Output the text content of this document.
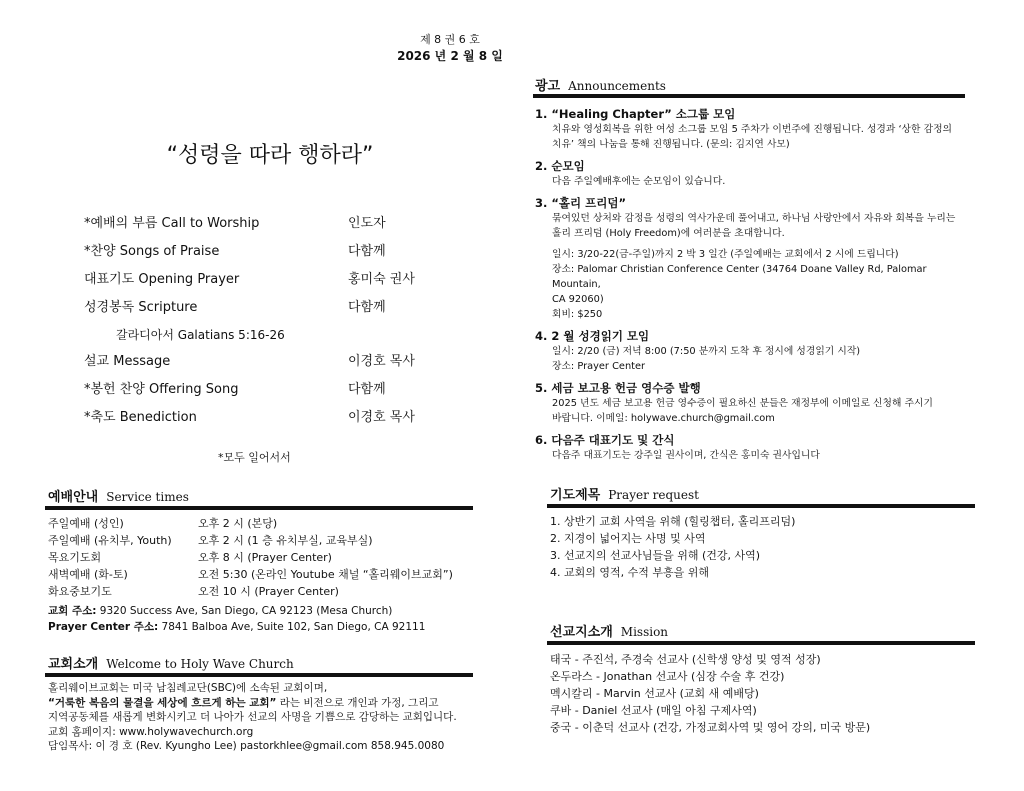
제 8 권 6 호
2026 년 2 월 8 일
“성령을 따라 행하라”
*예배의 부름 Call to Worship	인도자
*찬양 Songs of Praise	다함께
대표기도 Opening Prayer	홍미숙 권사
성경봉독 Scripture	다함께
갈라디아서 Galatians 5:16-26
설교 Message	이경호 목사
*봉헌 찬양 Offering Song	다함께
*축도 Benediction	이경호 목사
*모두 일어서서
예배안내 Service times
주일예배 (성인)	오후 2 시 (본당)
주일예배 (유치부, Youth) 오후 2 시 (1 층 유치부실, 교육부실)
목요기도회	오후 8 시 (Prayer Center)
새벽예배 (화-토)	오전 5:30 (온라인 Youtube 채널 “홀리웨이브교회”)
화요중보기도	오전 10 시 (Prayer Center)
교회 주소: 9320 Success Ave, San Diego, CA 92123 (Mesa Church)
Prayer Center 주소: 7841 Balboa Ave, Suite 102, San Diego, CA 92111
교회소개 Welcome to Holy Wave Church
홀리웨이브교회는 미국 남침례교단(SBC)에 소속된 교회이며,
“거룩한 복음의 물결을 세상에 흐르게 하는 교회” 라는 비전으로 개인과 가정, 그리고
지역공동체를 새롭게 변화시키고 더 나아가 선교의 사명을 기쁨으로 감당하는 교회입니다.
교회 홈페이지: www.holywavechurch.org
담임목사: 이 경 호 (Rev. Kyungho Lee) pastorkhlee@gmail.com 858.945.0080
광고 Announcements
1. “Healing Chapter” 소그룹 모임
치유와 영성회복을 위한 여성 소그룹 모임 5 주차가 이번주에 진행됩니다. 성경과 ‘상한 감정의
치유’ 책의 나눔을 통해 진행됩니다. (문의: 김지연 사모)
2. 순모임
다음 주일예배후에는 순모임이 있습니다.
3. “홀리 프리덤”
묶여있던 상처와 감정을 성령의 역사가운데 풀어내고, 하나님 사랑안에서 자유와 회복을 누리는
홀리 프리덤 (Holy Freedom)에 여러분을 초대합니다.
일시: 3/20-22(금-주일)까지 2 박 3 일간 (주일예배는 교회에서 2 시에 드립니다)
장소: Palomar Christian Conference Center (34764 Doane Valley Rd, Palomar Mountain,
CA 92060)
회비: $250
4. 2 월 성경읽기 모임
일시: 2/20 (금) 저녁 8:00 (7:50 분까지 도착 후 정시에 성경읽기 시작)
장소: Prayer Center
5. 세금 보고용 헌금 영수증 발행
2025 년도 세금 보고용 헌금 영수증이 필요하신 분들은 재정부에 이메일로 신청해 주시기
바랍니다. 이메일: holywave.church@gmail.com
6. 다음주 대표기도 및 간식
다음주 대표기도는 강주일 권사이며, 간식은 홍미숙 권사입니다
기도제목 Prayer request
1. 상반기 교회 사역을 위해 (힐링챕터, 홀리프리덤)
2. 지경이 넓어지는 사명 및 사역
3. 선교지의 선교사님들을 위해 (건강, 사역)
4. 교회의 영적, 수적 부흥을 위해
선교지소개 Mission
태국 - 주진석, 주경숙 선교사 (신학생 양성 및 영적 성장)
온두라스 - Jonathan 선교사 (심장 수술 후 건강)
멕시칼리 - Marvin 선교사 (교회 새 예배당)
쿠바 - Daniel 선교사 (매일 아침 구제사역)
중국 - 이춘덕 선교사 (건강, 가정교회사역 및 영어 강의, 미국 방문)
